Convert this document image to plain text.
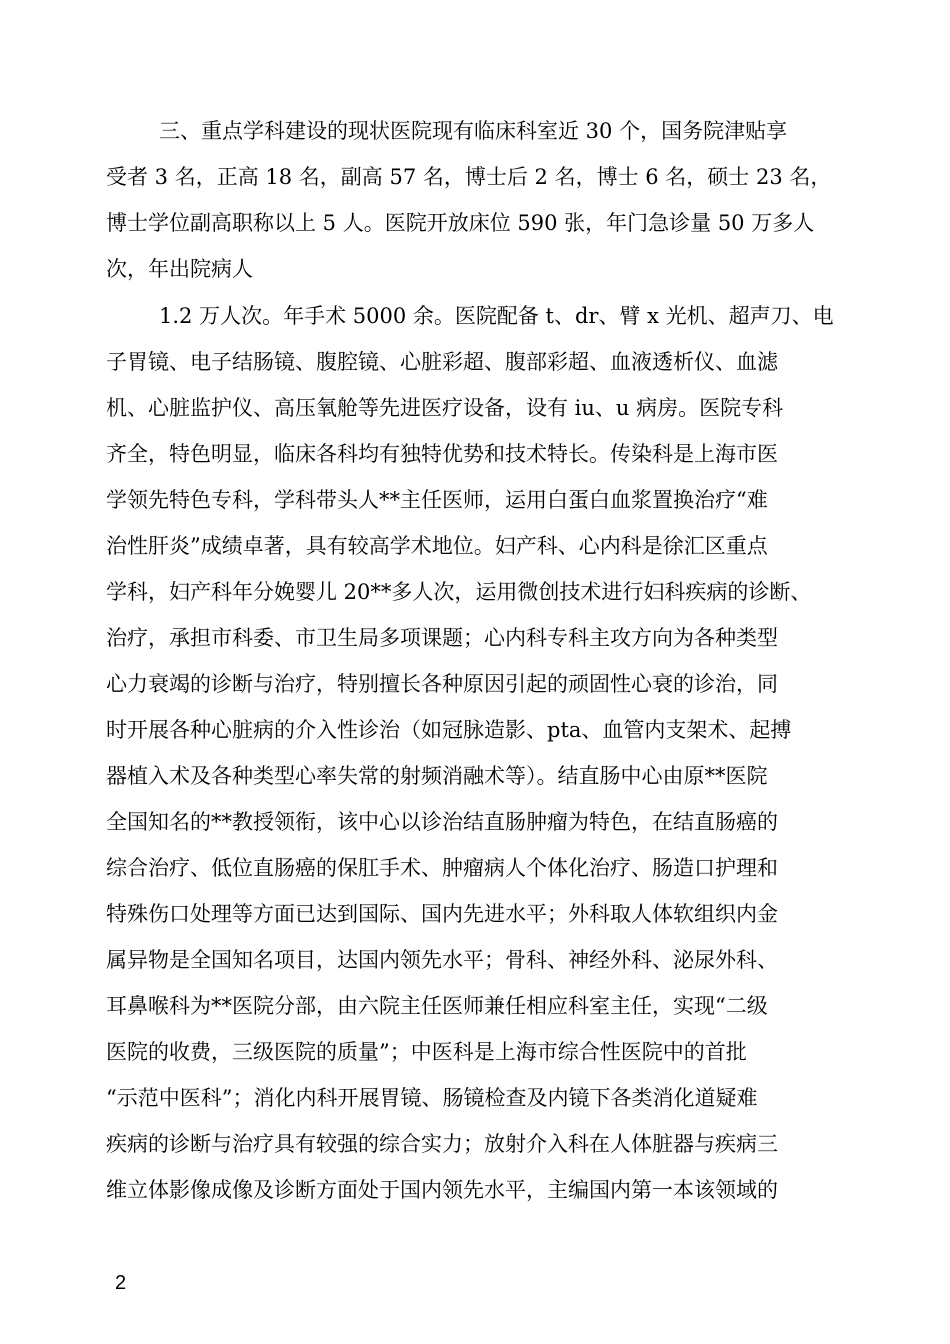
三、重点学科建设的现状医院现有临床科室近 30 个，国务院津贴享
受者 3 名，正高 18 名，副高 57 名，博士后 2 名，博士 6 名，硕士 23 名，
博士学位副高职称以上 5 人。医院开放床位 590 张，年门急诊量 50 万多人
次，年出院病人
1.2 万人次。年手术 5000 余。医院配备 t、dr、臂 x 光机、超声刀、电
子胃镜、电子结肠镜、腹腔镜、心脏彩超、腹部彩超、血液透析仪、血滤
机、心脏监护仪、高压氧舱等先进医疗设备，设有 iu、u 病房。医院专科
齐全，特色明显，临床各科均有独特优势和技术特长。传染科是上海市医
学领先特色专科，学科带头人**主任医师，运用白蛋白血浆置换治疗“难
治性肝炎”成绩卓著，具有较高学术地位。妇产科、心内科是徐汇区重点
学科，妇产科年分娩婴儿 20**多人次，运用微创技术进行妇科疾病的诊断、
治疗，承担市科委、市卫生局多项课题；心内科专科主攻方向为各种类型
心力衰竭的诊断与治疗，特别擅长各种原因引起的顽固性心衰的诊治，同
时开展各种心脏病的介入性诊治（如冠脉造影、pta、血管内支架术、起搏
器植入术及各种类型心率失常的射频消融术等）。结直肠中心由原**医院
全国知名的**教授领衔，该中心以诊治结直肠肿瘤为特色，在结直肠癌的
综合治疗、低位直肠癌的保肛手术、肿瘤病人个体化治疗、肠造口护理和
特殊伤口处理等方面已达到国际、国内先进水平；外科取人体软组织内金
属异物是全国知名项目，达国内领先水平；骨科、神经外科、泌尿外科、
耳鼻喉科为**医院分部，由六院主任医师兼任相应科室主任，实现“二级
医院的收费，三级医院的质量”；中医科是上海市综合性医院中的首批
“示范中医科”；消化内科开展胃镜、肠镜检查及内镜下各类消化道疑难
疾病的诊断与治疗具有较强的综合实力；放射介入科在人体脏器与疾病三
维立体影像成像及诊断方面处于国内领先水平，主编国内第一本该领域的
2
